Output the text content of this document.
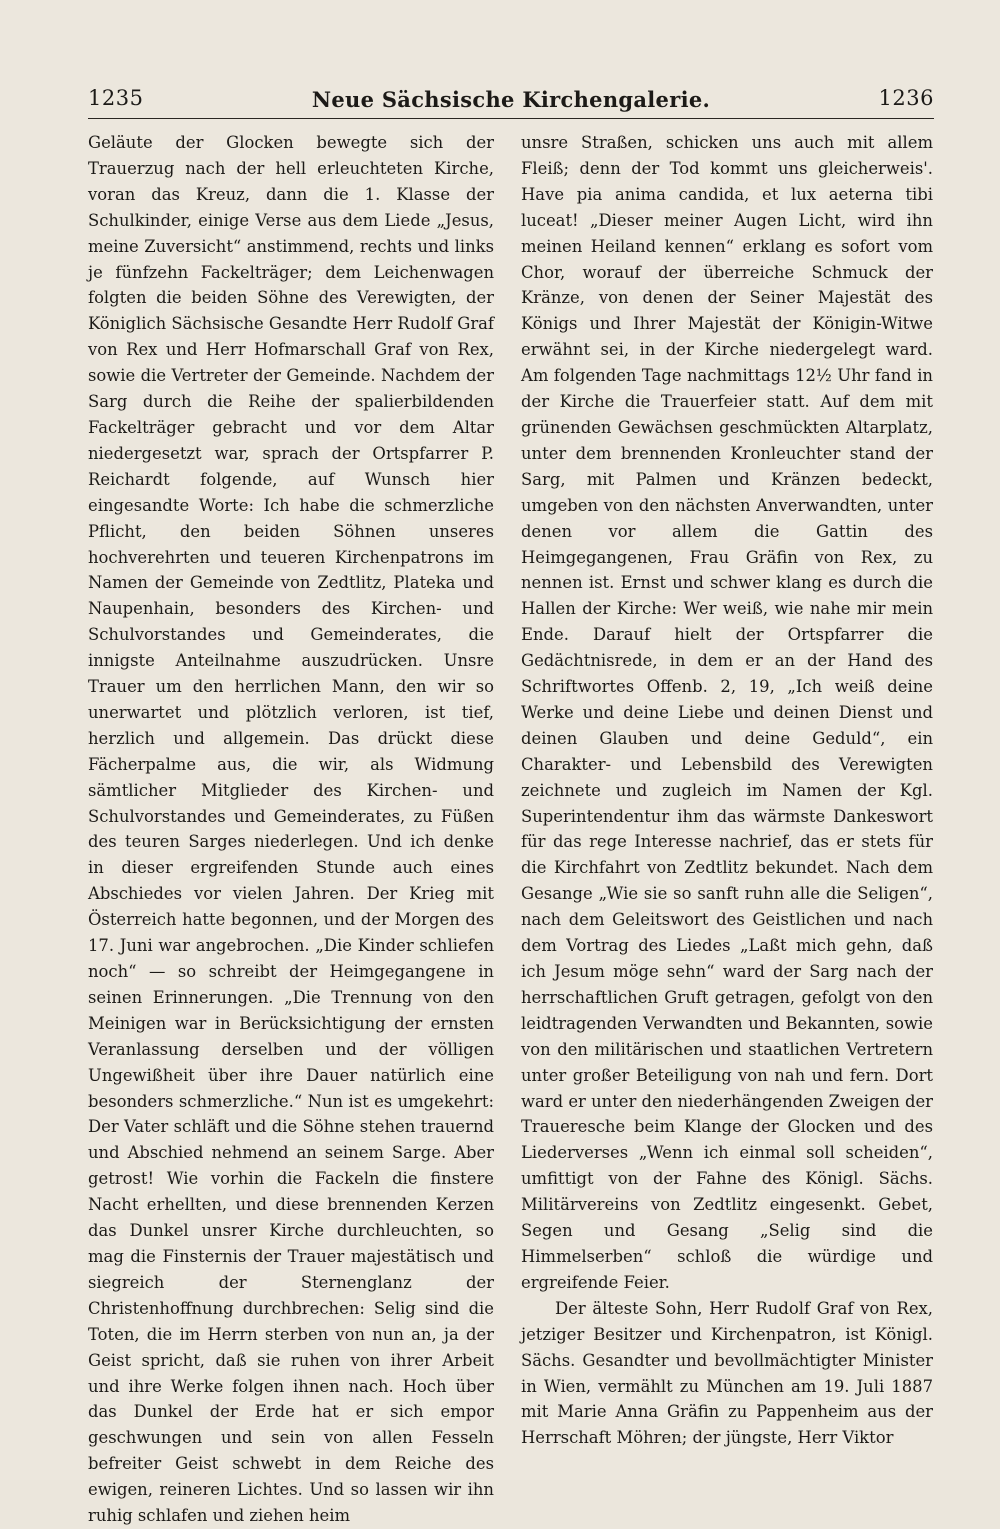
1235	Neue Sächsische Kirchengalerie.	1236

Geläute der Glocken bewegte sich der Trauerzug nach der hell erleuchteten Kirche, voran das Kreuz, dann die 1. Klasse der Schulkinder, einige Verse aus dem Liede „Jesus, meine Zuversicht“ anstimmend, rechts und links je fünfzehn Fackelträger; dem Leichenwagen folgten die beiden Söhne des Verewigten, der Königlich Sächsische Gesandte Herr Rudolf Graf von Rex und Herr Hofmarschall Graf von Rex, sowie die Vertreter der Gemeinde. Nachdem der Sarg durch die Reihe der spalierbildenden Fackelträger gebracht und vor dem Altar niedergesetzt war, sprach der Ortspfarrer P. Reichardt folgende, auf Wunsch hier eingesandte Worte: Ich habe die schmerzliche Pflicht, den beiden Söhnen unseres hochverehrten und teueren Kirchenpatrons im Namen der Gemeinde von Zedtlitz, Plateka und Naupenhain, besonders des Kirchen- und Schulvorstandes und Gemeinderates, die innigste Anteilnahme auszudrücken. Unsre Trauer um den herrlichen Mann, den wir so unerwartet und plötzlich verloren, ist tief, herzlich und allgemein. Das drückt diese Fächerpalme aus, die wir, als Widmung sämtlicher Mitglieder des Kirchen- und Schulvorstandes und Gemeinderates, zu Füßen des teuren Sarges niederlegen. Und ich denke in dieser ergreifenden Stunde auch eines Abschiedes vor vielen Jahren. Der Krieg mit Österreich hatte begonnen, und der Morgen des 17. Juni war angebrochen. „Die Kinder schliefen noch“ — so schreibt der Heimgegangene in seinen Erinnerungen. „Die Trennung von den Meinigen war in Berücksichtigung der ernsten Veranlassung derselben und der völligen Ungewißheit über ihre Dauer natürlich eine besonders schmerzliche.“ Nun ist es umgekehrt: Der Vater schläft und die Söhne stehen trauernd und Abschied nehmend an seinem Sarge. Aber getrost! Wie vorhin die Fackeln die finstere Nacht erhellten, und diese brennenden Kerzen das Dunkel unsrer Kirche durchleuchten, so mag die Finsternis der Trauer majestätisch und siegreich der Sternenglanz der Christenhoffnung durchbrechen: Selig sind die Toten, die im Herrn sterben von nun an, ja der Geist spricht, daß sie ruhen von ihrer Arbeit und ihre Werke folgen ihnen nach. Hoch über das Dunkel der Erde hat er sich empor geschwungen und sein von allen Fesseln befreiter Geist schwebt in dem Reiche des ewigen, reineren Lichtes. Und so lassen wir ihn ruhig schlafen und ziehen heim

unsre Straßen, schicken uns auch mit allem Fleiß; denn der Tod kommt uns gleicherweis'. Have pia anima candida, et lux aeterna tibi luceat! „Dieser meiner Augen Licht, wird ihn meinen Heiland kennen“ erklang es sofort vom Chor, worauf der überreiche Schmuck der Kränze, von denen der Seiner Majestät des Königs und Ihrer Majestät der Königin-Witwe erwähnt sei, in der Kirche niedergelegt ward. Am folgenden Tage nachmittags 12½ Uhr fand in der Kirche die Trauerfeier statt. Auf dem mit grünenden Gewächsen geschmückten Altarplatz, unter dem brennenden Kronleuchter stand der Sarg, mit Palmen und Kränzen bedeckt, umgeben von den nächsten Anverwandten, unter denen vor allem die Gattin des Heimgegangenen, Frau Gräfin von Rex, zu nennen ist. Ernst und schwer klang es durch die Hallen der Kirche: Wer weiß, wie nahe mir mein Ende. Darauf hielt der Ortspfarrer die Gedächtnisrede, in dem er an der Hand des Schriftwortes Offenb. 2, 19, „Ich weiß deine Werke und deine Liebe und deinen Dienst und deinen Glauben und deine Geduld“, ein Charakter- und Lebensbild des Verewigten zeichnete und zugleich im Namen der Kgl. Superintendentur ihm das wärmste Dankeswort für das rege Interesse nachrief, das er stets für die Kirchfahrt von Zedtlitz bekundet. Nach dem Gesange „Wie sie so sanft ruhn alle die Seligen“, nach dem Geleitswort des Geistlichen und nach dem Vortrag des Liedes „Laßt mich gehn, daß ich Jesum möge sehn“ ward der Sarg nach der herrschaftlichen Gruft getragen, gefolgt von den leidtragenden Verwandten und Bekannten, sowie von den militärischen und staatlichen Vertretern unter großer Beteiligung von nah und fern. Dort ward er unter den niederhängenden Zweigen der Traueresche beim Klange der Glocken und des Liederverses „Wenn ich einmal soll scheiden“, umfittigt von der Fahne des Königl. Sächs. Militärvereins von Zedtlitz eingesenkt. Gebet, Segen und Gesang „Selig sind die Himmelserben“ schloß die würdige und ergreifende Feier.

Der älteste Sohn, Herr Rudolf Graf von Rex, jetziger Besitzer und Kirchenpatron, ist Königl. Sächs. Gesandter und bevollmächtigter Minister in Wien, vermählt zu München am 19. Juli 1887 mit Marie Anna Gräfin zu Pappenheim aus der Herrschaft Möhren; der jüngste, Herr Viktor
